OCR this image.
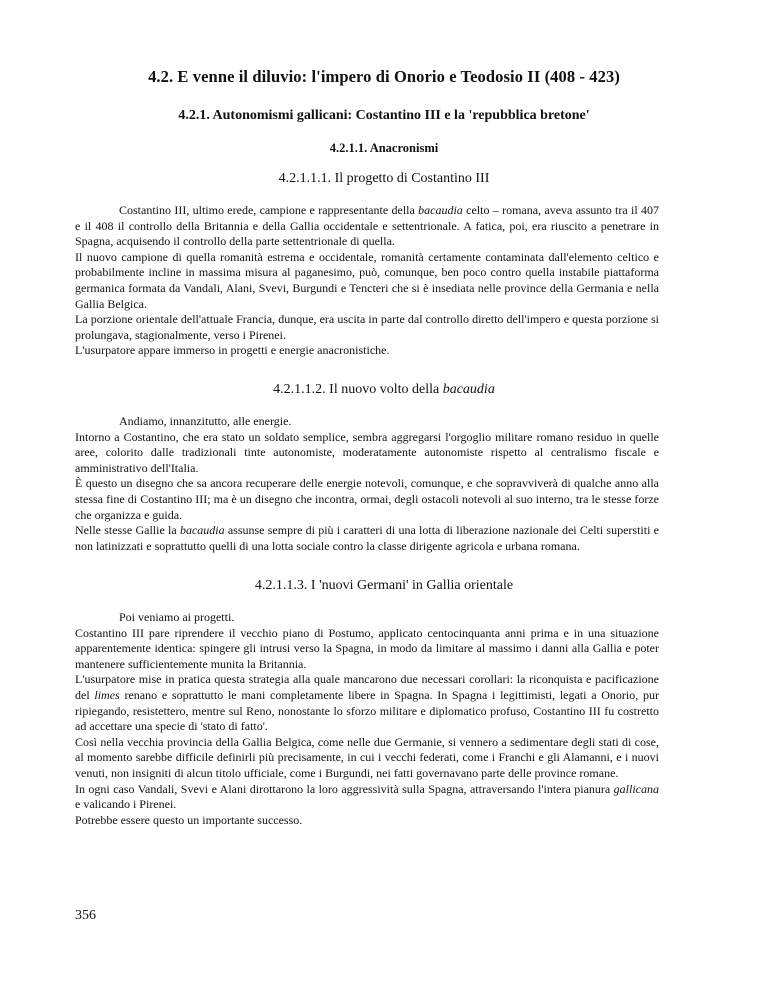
4.2. E venne il diluvio: l'impero di Onorio e Teodosio II (408 - 423)
4.2.1. Autonomismi gallicani: Costantino III e la 'repubblica bretone'
4.2.1.1. Anacronismi
4.2.1.1.1. Il progetto di Costantino III

Costantino III, ultimo erede, campione e rappresentante della bacaudia celto – romana, aveva assunto tra il 407 e il 408 il controllo della Britannia e della Gallia occidentale e settentrionale. A fatica, poi, era riuscito a penetrare in Spagna, acquisendo il controllo della parte settentrionale di quella.

Il nuovo campione di quella romanità estrema e occidentale, romanità certamente contaminata dall'elemento celtico e probabilmente incline in massima misura al paganesimo, può, comunque, ben poco contro quella instabile piattaforma germanica formata da Vandali, Alani, Svevi, Burgundi e Tencteri che si è insediata nelle province della Germania e nella Gallia Belgica.

La porzione orientale dell'attuale Francia, dunque, era uscita in parte dal controllo diretto dell'impero e questa porzione si prolungava, stagionalmente, verso i Pirenei.

L'usurpatore appare immerso in progetti e energie anacronistiche.

4.2.1.1.2. Il nuovo volto della bacaudia

Andiamo, innanzitutto, alle energie.

Intorno a Costantino, che era stato un soldato semplice, sembra aggregarsi l'orgoglio militare romano residuo in quelle aree, colorito dalle tradizionali tinte autonomiste, moderatamente autonomiste rispetto al centralismo fiscale e amministrativo dell'Italia.

È questo un disegno che sa ancora recuperare delle energie notevoli, comunque, e che sopravviverà di qualche anno alla stessa fine di Costantino III; ma è un disegno che incontra, ormai, degli ostacoli notevoli al suo interno, tra le stesse forze che organizza e guida.

Nelle stesse Gallie la bacaudia assunse sempre di più i caratteri di una lotta di liberazione nazionale dei Celti superstiti e non latinizzati e soprattutto quelli di una lotta sociale contro la classe dirigente agricola e urbana romana.

4.2.1.1.3. I 'nuovi Germani' in Gallia orientale

Poi veniamo ai progetti.

Costantino III pare riprendere il vecchio piano di Postumo, applicato centocinquanta anni prima e in una situazione apparentemente identica: spingere gli intrusi verso la Spagna, in modo da limitare al massimo i danni alla Gallia e poter mantenere sufficientemente munita la Britannia.

L'usurpatore mise in pratica questa strategia alla quale mancarono due necessari corollari: la riconquista e pacificazione del limes renano e soprattutto le mani completamente libere in Spagna. In Spagna i legittimisti, legati a Onorio, pur ripiegando, resistettero, mentre sul Reno, nonostante lo sforzo militare e diplomatico profuso, Costantino III fu costretto ad accettare una specie di 'stato di fatto'.

Così nella vecchia provincia della Gallia Belgica, come nelle due Germanie, si vennero a sedimentare degli stati di cose, al momento sarebbe difficile definirli più precisamente, in cui i vecchi federati, come i Franchi e gli Alamanni, e i nuovi venuti, non insigniti di alcun titolo ufficiale, come i Burgundi, nei fatti governavano parte delle province romane.

In ogni caso Vandali, Svevi e Alani dirottarono la loro aggressività sulla Spagna, attraversando l'intera pianura gallicana e valicando i Pirenei.

Potrebbe essere questo un importante successo.

356
